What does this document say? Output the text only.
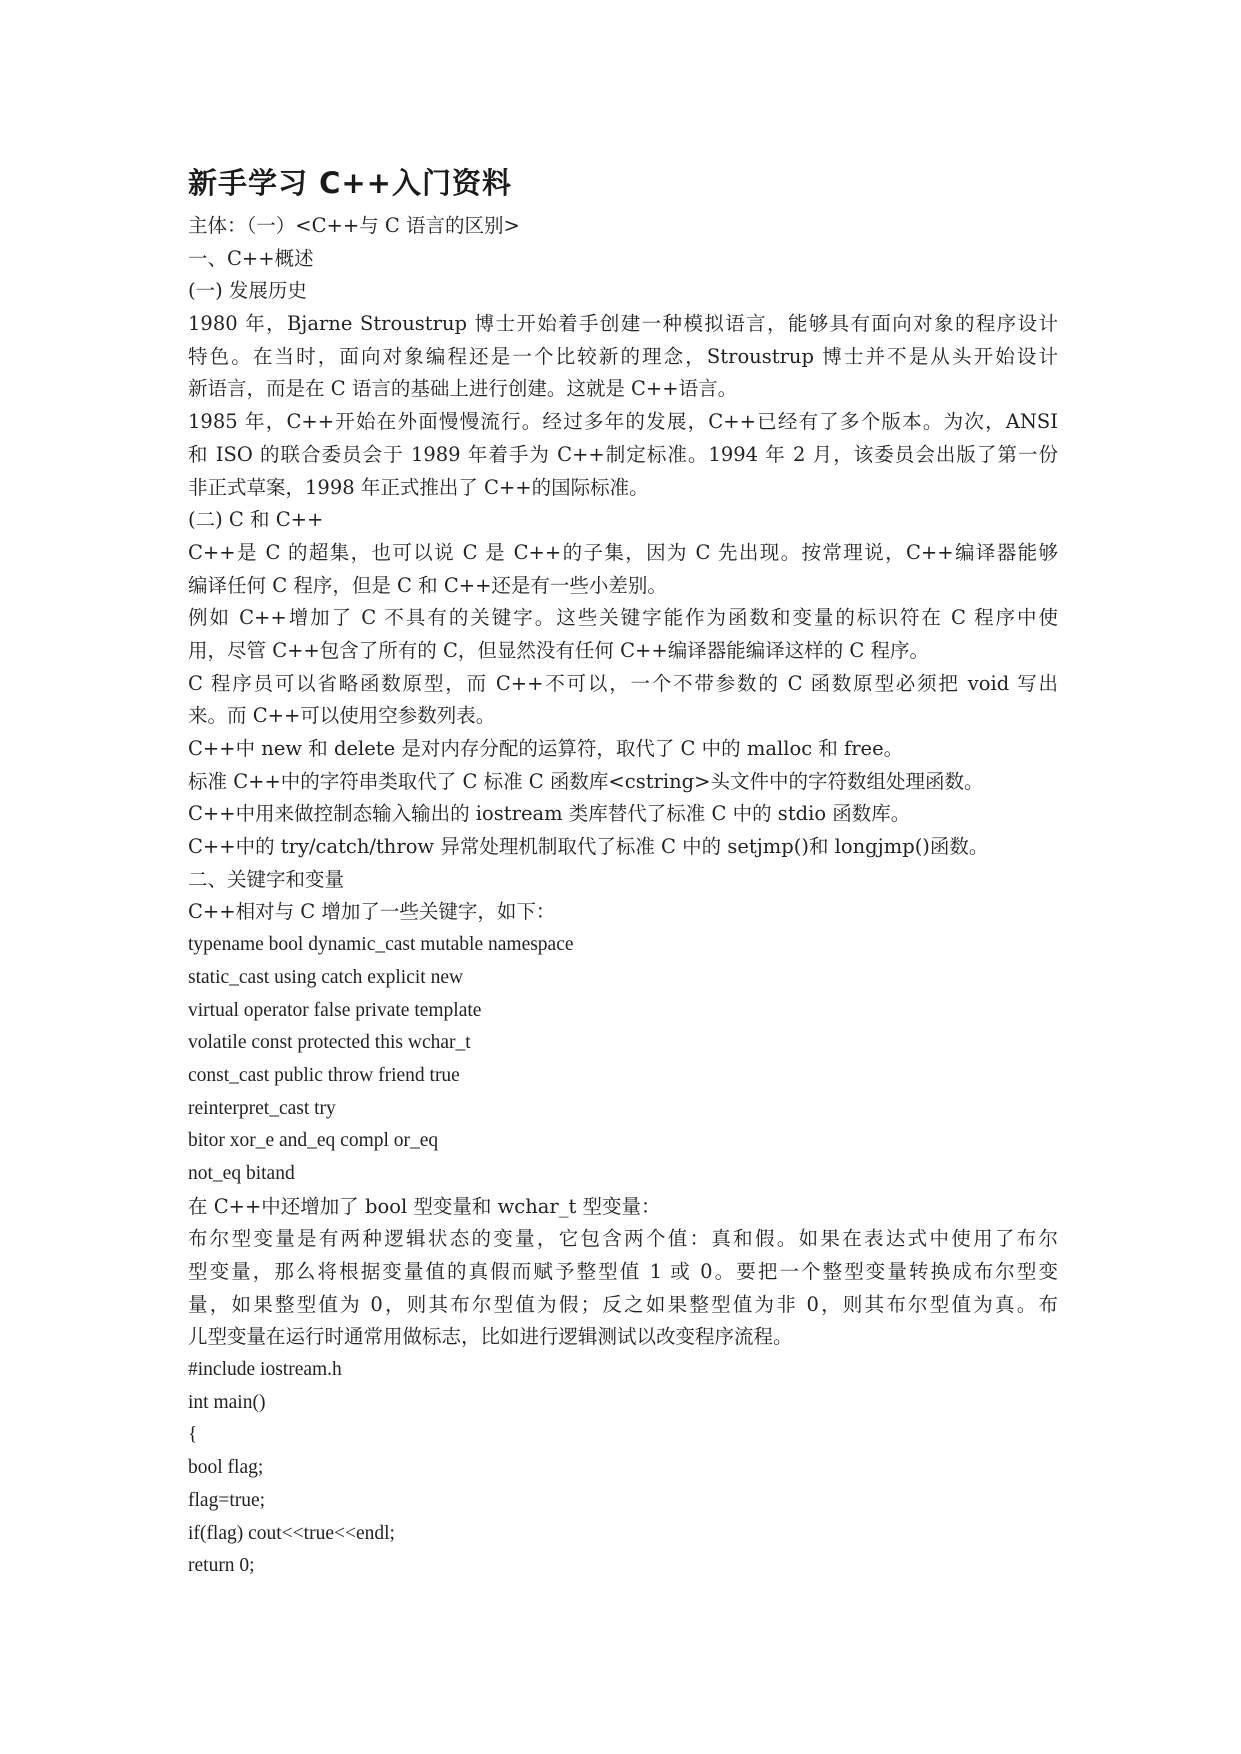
新手学习 C++入门资料
主体：（一）<C++与 C 语言的区别>
一、C++概述
(一) 发展历史
1980 年，Bjarne Stroustrup 博士开始着手创建一种模拟语言，能够具有面向对象的程序设计
特色。在当时，面向对象编程还是一个比较新的理念，Stroustrup 博士并不是从头开始设计
新语言，而是在 C 语言的基础上进行创建。这就是 C++语言。
1985 年，C++开始在外面慢慢流行。经过多年的发展，C++已经有了多个版本。为次，ANSI
和 ISO 的联合委员会于 1989 年着手为 C++制定标准。1994 年 2 月，该委员会出版了第一份
非正式草案，1998 年正式推出了 C++的国际标准。
(二) C 和 C++
C++是 C 的超集，也可以说 C 是 C++的子集，因为 C 先出现。按常理说，C++编译器能够
编译任何 C 程序，但是 C 和 C++还是有一些小差别。
例如 C++增加了 C 不具有的关键字。这些关键字能作为函数和变量的标识符在 C 程序中使
用，尽管 C++包含了所有的 C，但显然没有任何 C++编译器能编译这样的 C 程序。
C 程序员可以省略函数原型，而 C++不可以，一个不带参数的 C 函数原型必须把 void 写出
来。而 C++可以使用空参数列表。
C++中 new 和 delete 是对内存分配的运算符，取代了 C 中的 malloc 和 free。
标准 C++中的字符串类取代了 C 标准 C 函数库<cstring>头文件中的字符数组处理函数。
C++中用来做控制态输入输出的 iostream 类库替代了标准 C 中的 stdio 函数库。
C++中的 try/catch/throw 异常处理机制取代了标准 C 中的 setjmp()和 longjmp()函数。
二、关键字和变量
C++相对与 C 增加了一些关键字，如下：
typename bool dynamic_cast mutable namespace
static_cast using catch explicit new
virtual operator false private template
volatile const protected this wchar_t
const_cast public throw friend true
reinterpret_cast try
bitor xor_e and_eq compl or_eq
not_eq bitand
在 C++中还增加了 bool 型变量和 wchar_t 型变量：
布尔型变量是有两种逻辑状态的变量，它包含两个值：真和假。如果在表达式中使用了布尔
型变量，那么将根据变量值的真假而赋予整型值 1 或 0。要把一个整型变量转换成布尔型变
量，如果整型值为 0，则其布尔型值为假；反之如果整型值为非 0，则其布尔型值为真。布
儿型变量在运行时通常用做标志，比如进行逻辑测试以改变程序流程。
#include iostream.h
int main()
{
bool flag;
flag=true;
if(flag) cout<<true<<endl;
return 0;
